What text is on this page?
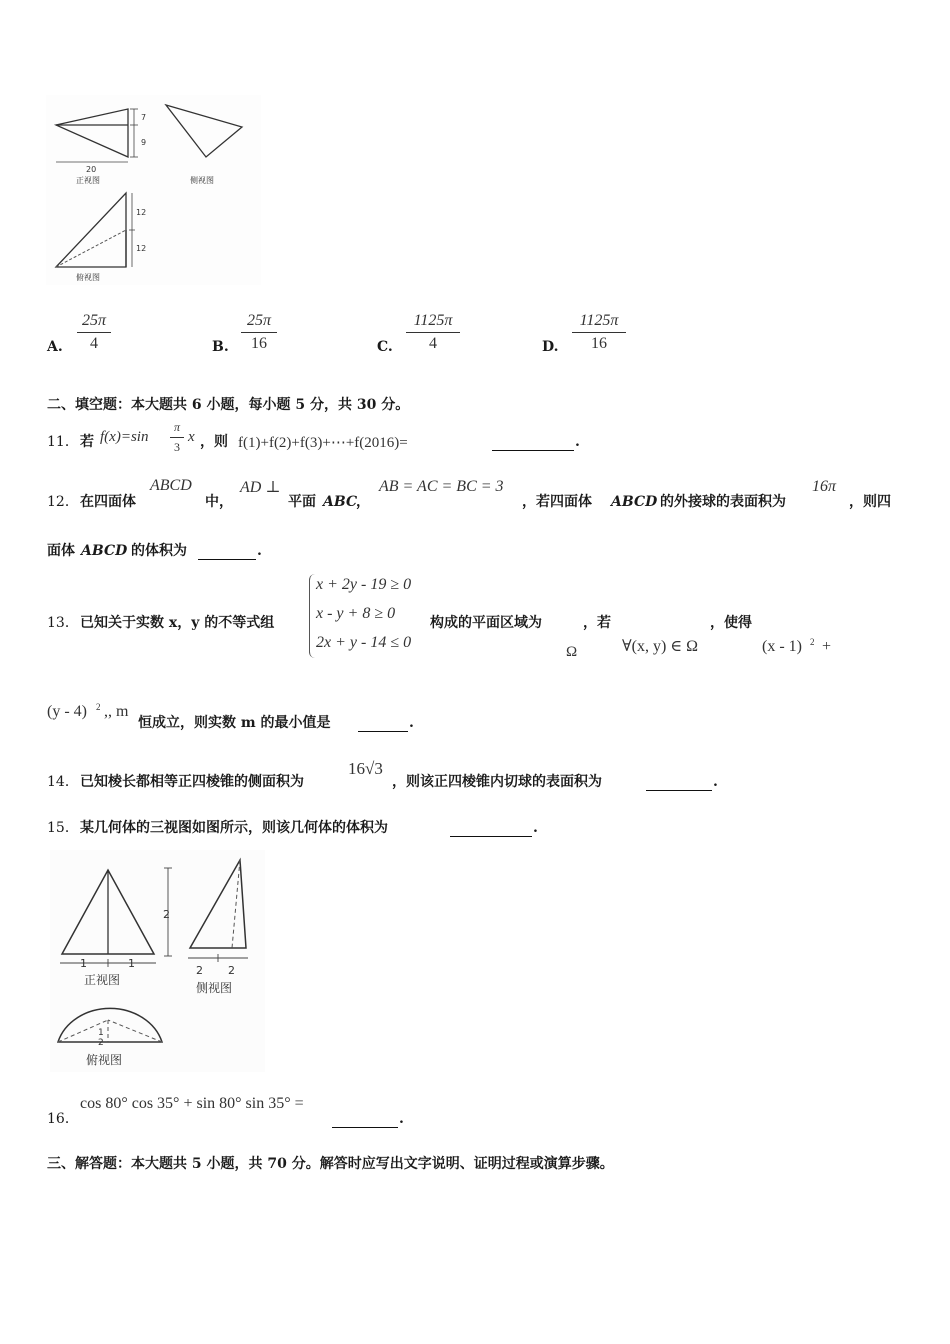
7
9
20
正视图	侧视图
12
12
俯视图
A. $\frac{25\pi}{4}$	B. $\frac{25\pi}{16}$	C. $\frac{1125\pi}{4}$	D. $\frac{1125\pi}{16}$
二、填空题：本大题共 6 小题，每小题 5 分，共 30 分。
11． 若 $f(x)=\sin \frac{\pi}{3}$ x ，则 f(1)+f(2)+f(3)+⋯+f(2016)=	.
12． 在四面体
ABCD
中，
AD ⊥
平面 ABC
，
AB = AC = BC = 3
，若四面体 ABCD 的外接球的表面积为
16π
，则四
面体 ABCD 的体积为	.
13． 已知关于实数 x，y 的不等式组
x + 2y - 19 ≥ 0
x - y + 8 ≥ 0
2x + y - 14 ≤ 0
构成的平面区域为	，若	，使得
Ω	∀(x, y) ∈ Ω	(x - 1) 2 +
(y - 4) 2 ,, m
恒成立，则实数 m 的最小值是	.
14． 已知棱长都相等正四棱锥的侧面积为
16√3
，则该正四棱锥内切球的表面积为	.
15． 某几何体的三视图如图所示，则该几何体的体积为	.
2
1	1
正视图
2 2
侧视图
1
2
俯视图
16．
cos 80° cos 35° + sin 80° sin 35° =
.
三、解答题：本大题共 5 小题，共 70 分。解答时应写出文字说明、证明过程或演算步骤。
